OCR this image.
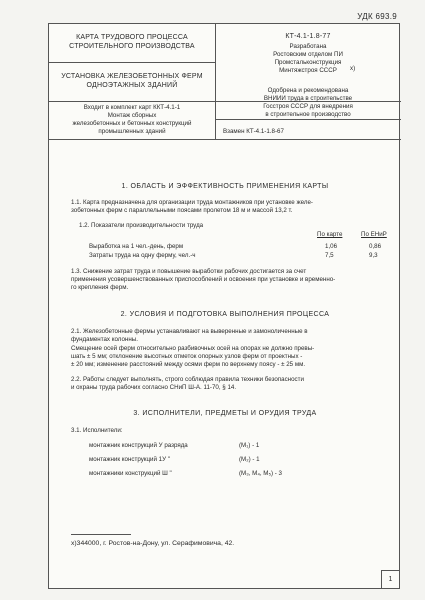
УДК 693.9
КАРТА ТРУДОВОГО ПРОЦЕССА
СТРОИТЕЛЬНОГО ПРОИЗВОДСТВА
КТ-4.1-1.8-77
Разработана
Ростовским отделом ПИ
Промстальконструкция
Минтяжстроя СССР	х)
УСТАНОВКА ЖЕЛЕЗОБЕТОННЫХ ФЕРМ
ОДНОЭТАЖНЫХ ЗДАНИЙ
Одобрена и рекомендована
ВНИИИ труда в строительстве
Госстроя СССР для внедрения
в строительное производство
Входит в комплект карт ККТ-4.1-1
Монтаж сборных
железобетонных и бетонных конструкций
промышленных зданий	Взамен КТ-4.1-1.8-67
1. ОБЛАСТЬ И ЭФФЕКТИВНОСТЬ ПРИМЕНЕНИЯ КАРТЫ
1.1. Карта предназначена для организации труда монтажников при установке желе-
зобетонных ферм с параллельными поясами пролетом 18 м и массой 13,2 т.
1.2. Показатели производительности труда
По карте	По ЕНиР
Выработка на 1 чел.-день, ферм	1,06	0,86
Затраты труда на одну ферму, чел.-ч	7,5	9,3
1.3. Снижение затрат труда и повышение выработки рабочих достигается за счет
применения усовершенствованных приспособлений и освоения при установке и временно-
го крепления ферм.
2. УСЛОВИЯ И ПОДГОТОВКА ВЫПОЛНЕНИЯ ПРОЦЕССА
2.1. Железобетонные фермы устанавливают на выверенные и замоноличенные в
фундаментах колонны.
Смещение осей ферм относительно разбивочных осей на опорах не должно превы-
шать ± 5 мм; отклонение высотных отметок опорных узлов ферм от проектных -
± 20 мм; изменение расстояний между осями ферм по верхнему поясу - ± 25 мм.
2.2. Работы следует выполнять, строго соблюдая правила техники безопасности
и охраны труда рабочих согласно СНиП Ш-А. 11-70, § 14.
3. ИСПОЛНИТЕЛИ, ПРЕДМЕТЫ И ОРУДИЯ ТРУДА
3.1. Исполнители:
монтажник конструкций У разряда	(М₁) - 1
монтажник конструкций 1У "	(М₂) - 1
монтажники конструкций Ш "	(М₃, М₄, М₅) - 3
х)344000, г. Ростов-на-Дону, ул. Серафимовича, 42.
1
